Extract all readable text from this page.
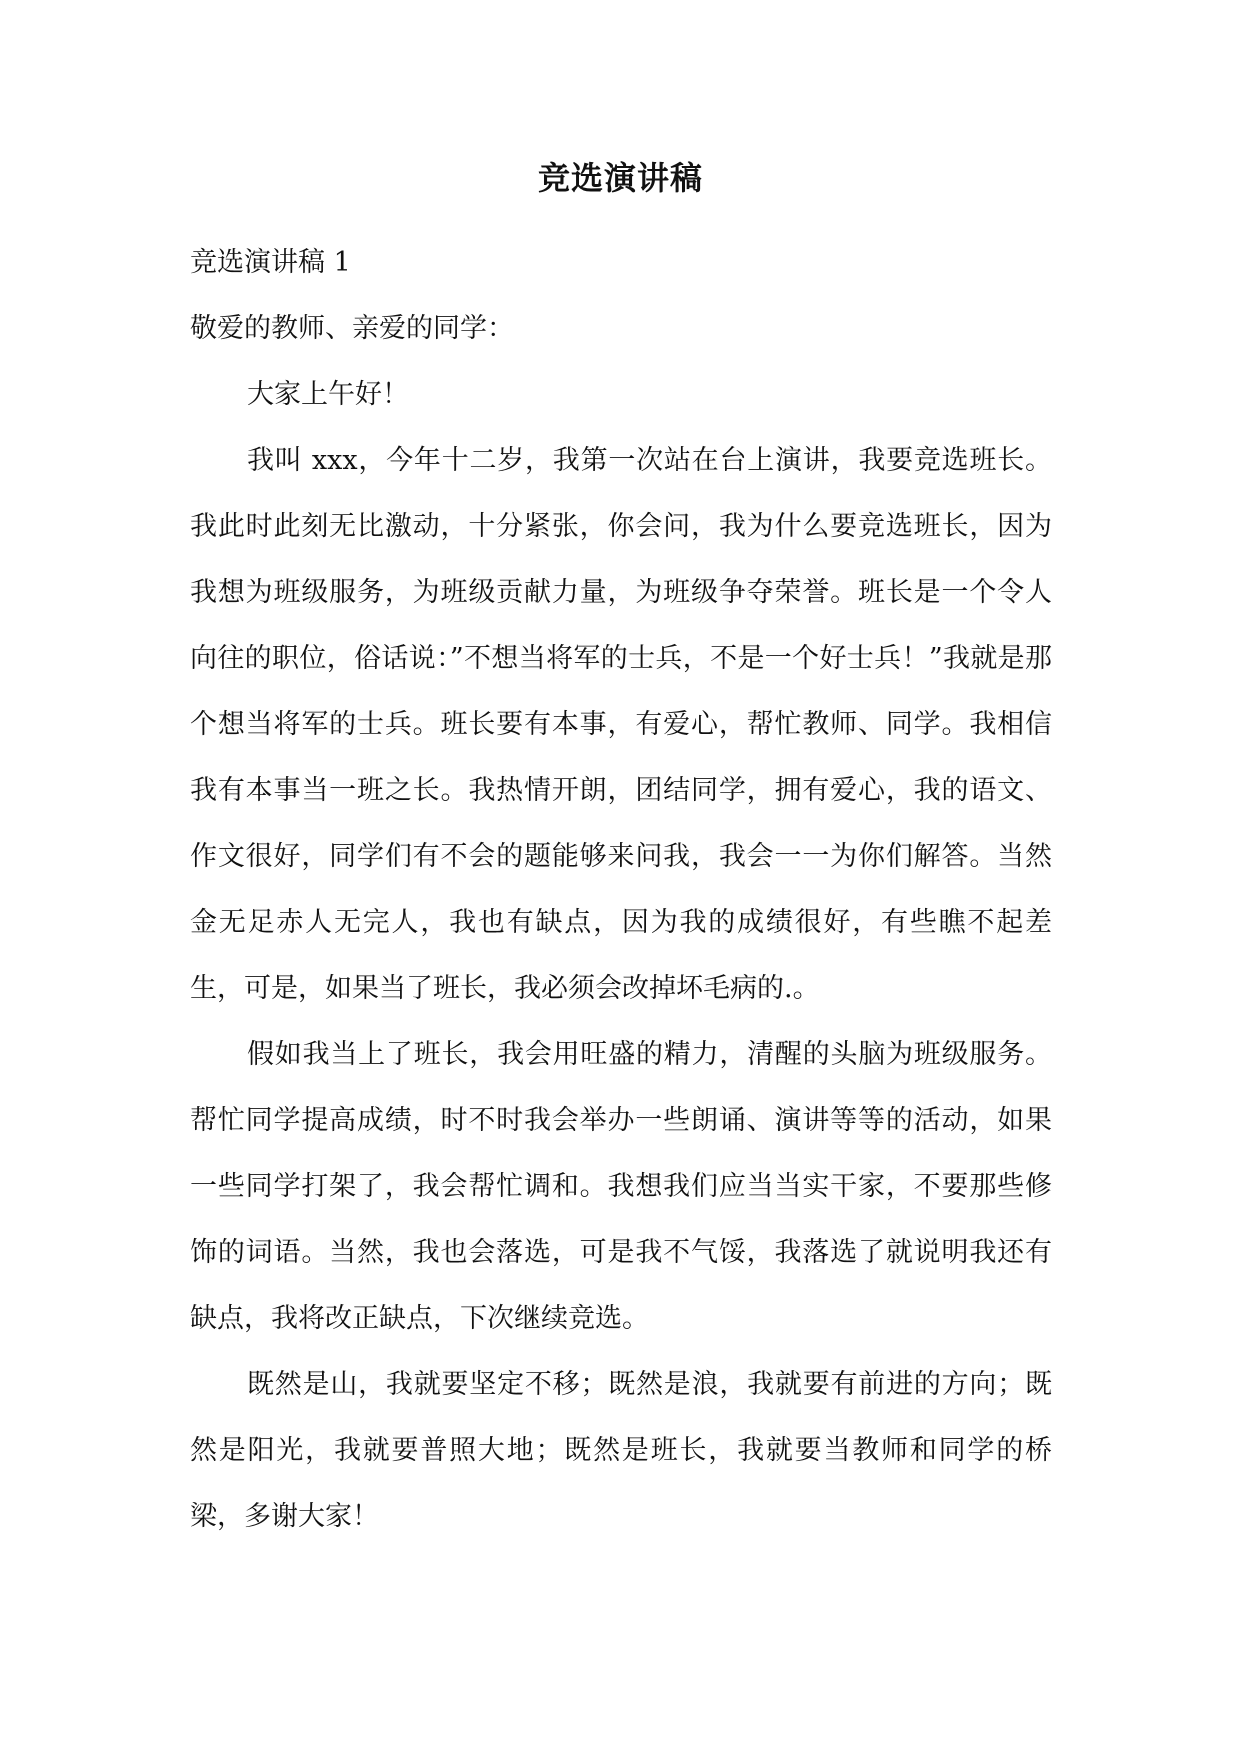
竞选演讲稿

竞选演讲稿 1

敬爱的教师、亲爱的同学：

大家上午好！

我叫 xxx，今年十二岁，我第一次站在台上演讲，我要竞选班长。我此时此刻无比激动，十分紧张，你会问，我为什么要竞选班长，因为我想为班级服务，为班级贡献力量，为班级争夺荣誉。班长是一个令人向往的职位，俗话说：”不想当将军的士兵，不是一个好士兵！”我就是那个想当将军的士兵。班长要有本事，有爱心，帮忙教师、同学。我相信我有本事当一班之长。我热情开朗，团结同学，拥有爱心，我的语文、作文很好，同学们有不会的题能够来问我，我会一一为你们解答。当然金无足赤人无完人，我也有缺点，因为我的成绩很好，有些瞧不起差生，可是，如果当了班长，我必须会改掉坏毛病的.。

假如我当上了班长，我会用旺盛的精力，清醒的头脑为班级服务。帮忙同学提高成绩，时不时我会举办一些朗诵、演讲等等的活动，如果一些同学打架了，我会帮忙调和。我想我们应当当实干家，不要那些修饰的词语。当然，我也会落选，可是我不气馁，我落选了就说明我还有缺点，我将改正缺点，下次继续竞选。

既然是山，我就要坚定不移；既然是浪，我就要有前进的方向；既然是阳光，我就要普照大地；既然是班长，我就要当教师和同学的桥梁，多谢大家！
